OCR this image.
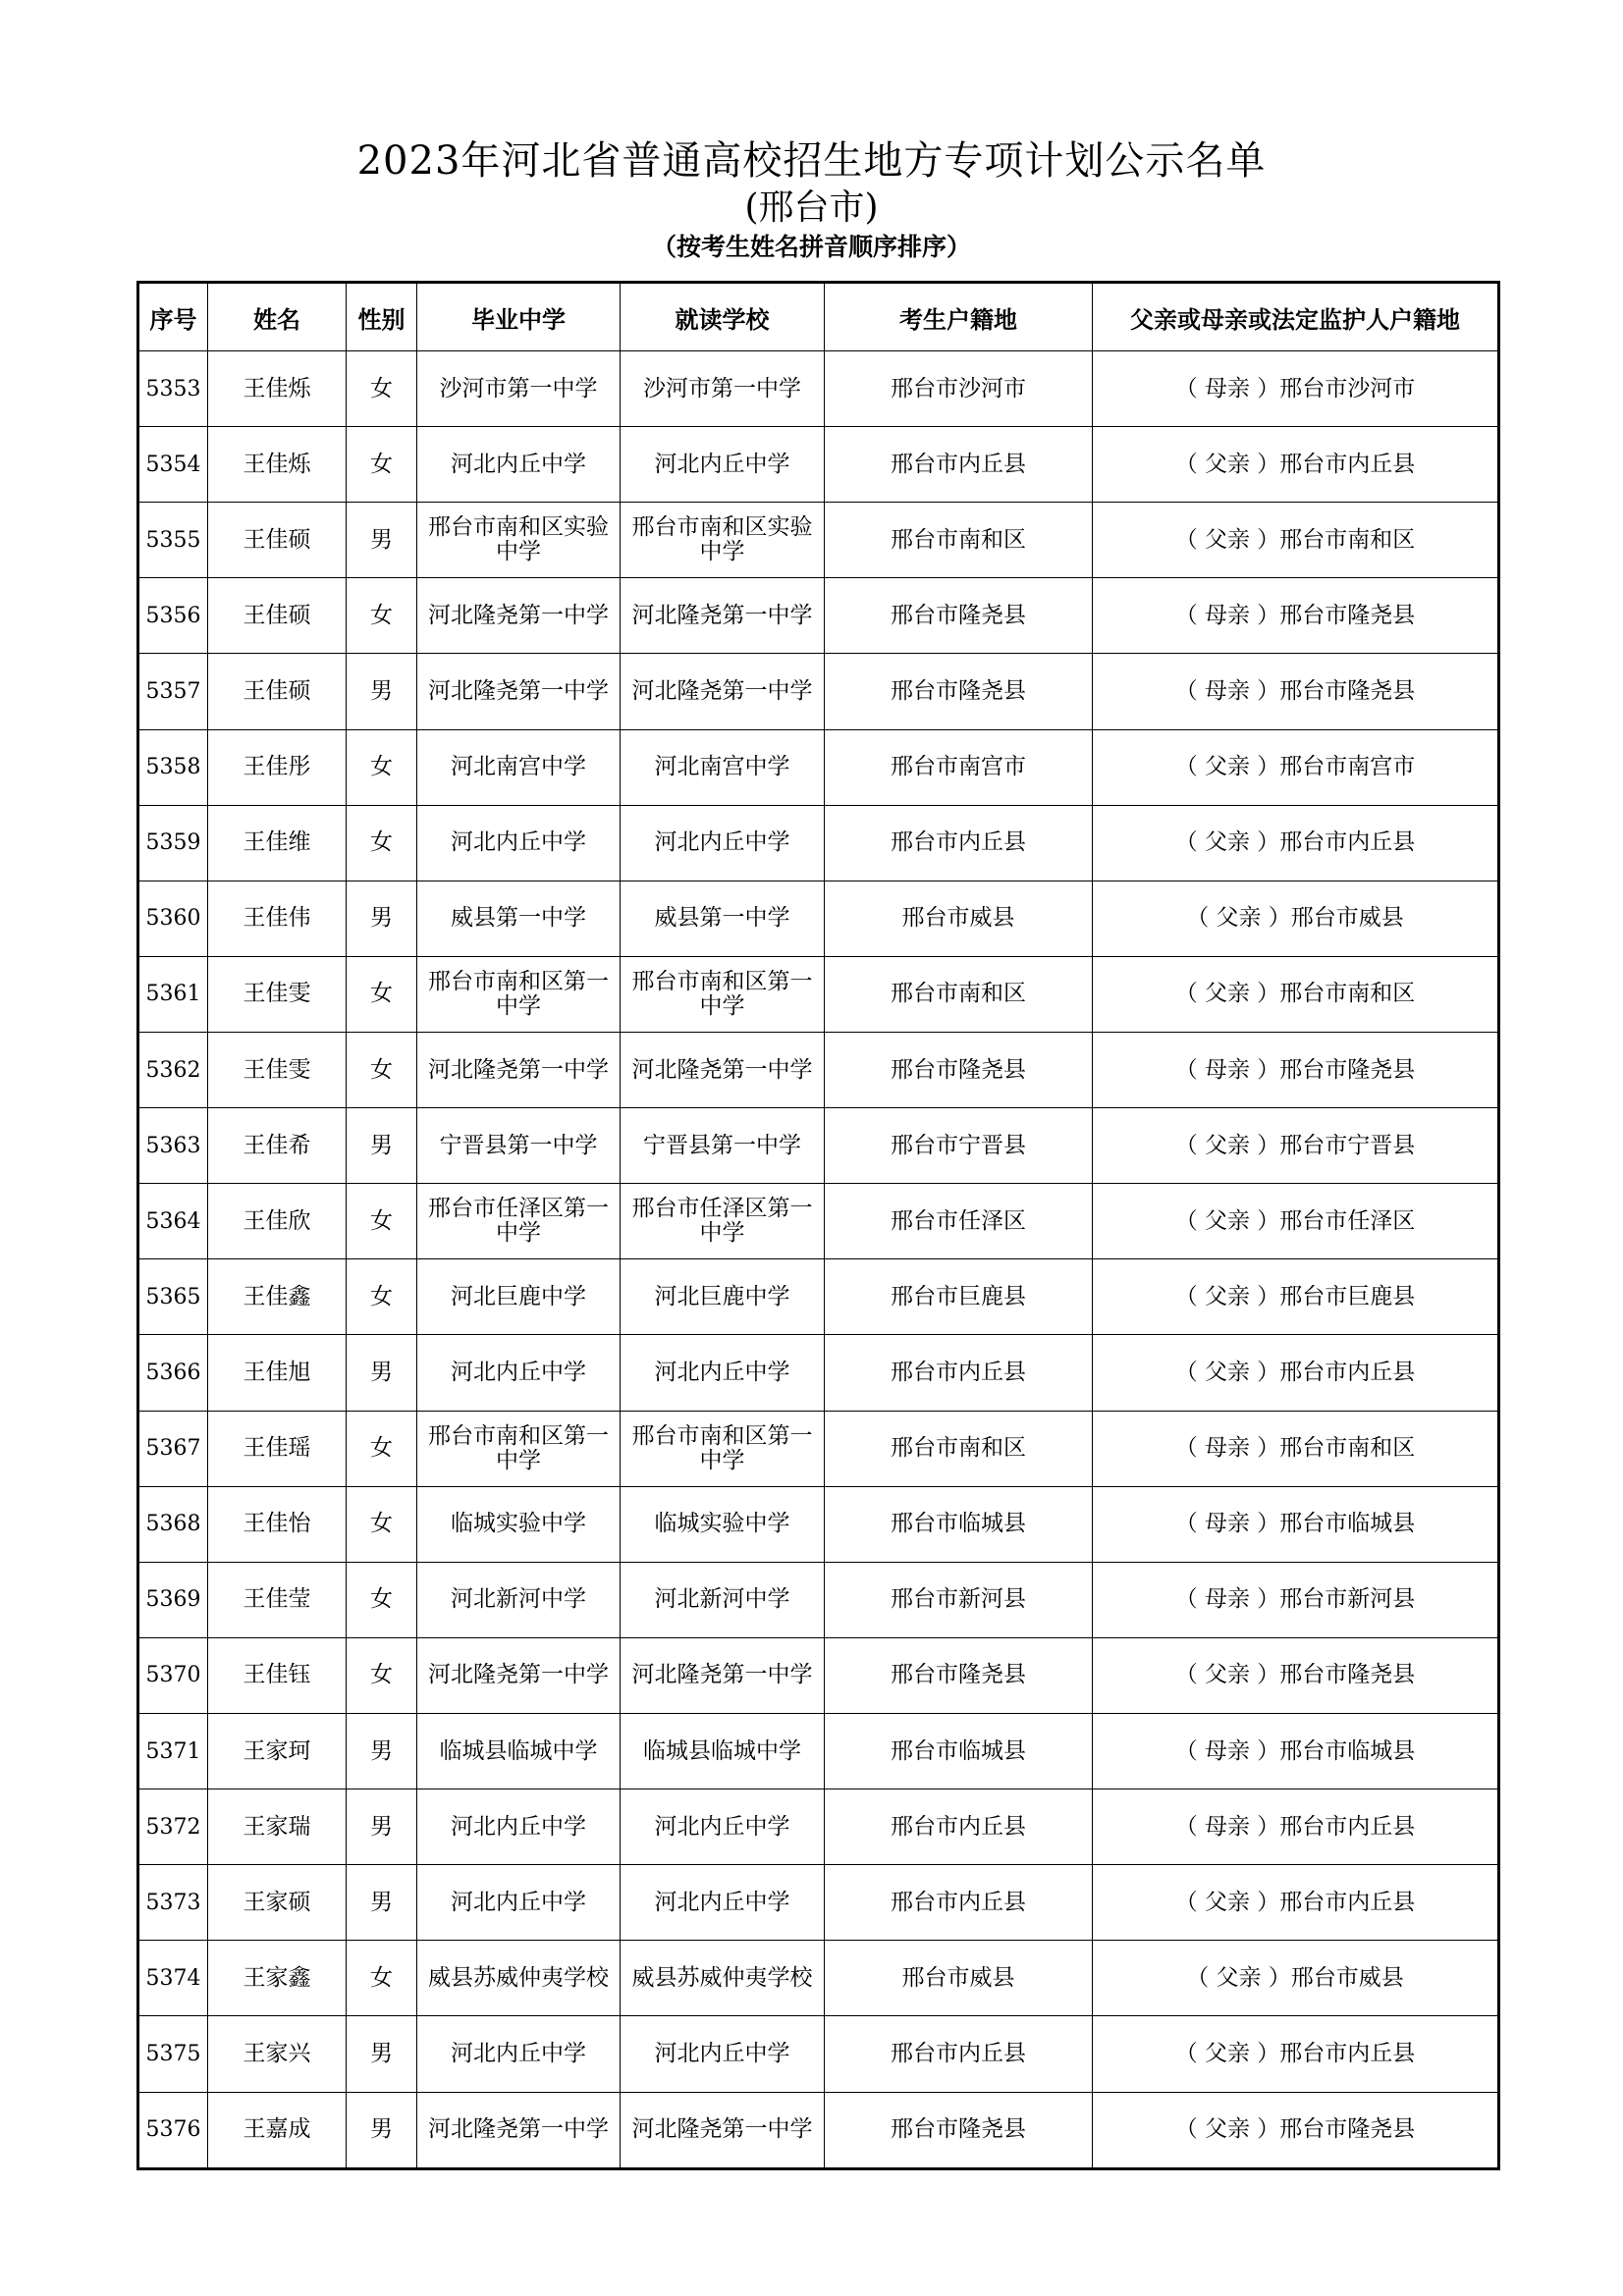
2023年河北省普通高校招生地方专项计划公示名单
(邢台市)
（按考生姓名拼音顺序排序）
序号	姓名	性别	毕业中学	就读学校	考生户籍地	父亲或母亲或法定监护人户籍地
5353	王佳烁	女	沙河市第一中学	沙河市第一中学	邢台市沙河市	（ 母亲 ）邢台市沙河市
5354	王佳烁	女	河北内丘中学	河北内丘中学	邢台市内丘县	（ 父亲 ）邢台市内丘县
5355	王佳硕	男	邢台市南和区实验中学	邢台市南和区实验中学	邢台市南和区	（ 父亲 ）邢台市南和区
5356	王佳硕	女	河北隆尧第一中学	河北隆尧第一中学	邢台市隆尧县	（ 母亲 ）邢台市隆尧县
5357	王佳硕	男	河北隆尧第一中学	河北隆尧第一中学	邢台市隆尧县	（ 母亲 ）邢台市隆尧县
5358	王佳彤	女	河北南宫中学	河北南宫中学	邢台市南宫市	（ 父亲 ）邢台市南宫市
5359	王佳维	女	河北内丘中学	河北内丘中学	邢台市内丘县	（ 父亲 ）邢台市内丘县
5360	王佳伟	男	威县第一中学	威县第一中学	邢台市威县	（ 父亲 ）邢台市威县
5361	王佳雯	女	邢台市南和区第一中学	邢台市南和区第一中学	邢台市南和区	（ 父亲 ）邢台市南和区
5362	王佳雯	女	河北隆尧第一中学	河北隆尧第一中学	邢台市隆尧县	（ 母亲 ）邢台市隆尧县
5363	王佳希	男	宁晋县第一中学	宁晋县第一中学	邢台市宁晋县	（ 父亲 ）邢台市宁晋县
5364	王佳欣	女	邢台市任泽区第一中学	邢台市任泽区第一中学	邢台市任泽区	（ 父亲 ）邢台市任泽区
5365	王佳鑫	女	河北巨鹿中学	河北巨鹿中学	邢台市巨鹿县	（ 父亲 ）邢台市巨鹿县
5366	王佳旭	男	河北内丘中学	河北内丘中学	邢台市内丘县	（ 父亲 ）邢台市内丘县
5367	王佳瑶	女	邢台市南和区第一中学	邢台市南和区第一中学	邢台市南和区	（ 母亲 ）邢台市南和区
5368	王佳怡	女	临城实验中学	临城实验中学	邢台市临城县	（ 母亲 ）邢台市临城县
5369	王佳莹	女	河北新河中学	河北新河中学	邢台市新河县	（ 母亲 ）邢台市新河县
5370	王佳钰	女	河北隆尧第一中学	河北隆尧第一中学	邢台市隆尧县	（ 父亲 ）邢台市隆尧县
5371	王家珂	男	临城县临城中学	临城县临城中学	邢台市临城县	（ 母亲 ）邢台市临城县
5372	王家瑞	男	河北内丘中学	河北内丘中学	邢台市内丘县	（ 母亲 ）邢台市内丘县
5373	王家硕	男	河北内丘中学	河北内丘中学	邢台市内丘县	（ 父亲 ）邢台市内丘县
5374	王家鑫	女	威县苏威仲夷学校	威县苏威仲夷学校	邢台市威县	（ 父亲 ）邢台市威县
5375	王家兴	男	河北内丘中学	河北内丘中学	邢台市内丘县	（ 父亲 ）邢台市内丘县
5376	王嘉成	男	河北隆尧第一中学	河北隆尧第一中学	邢台市隆尧县	（ 父亲 ）邢台市隆尧县
